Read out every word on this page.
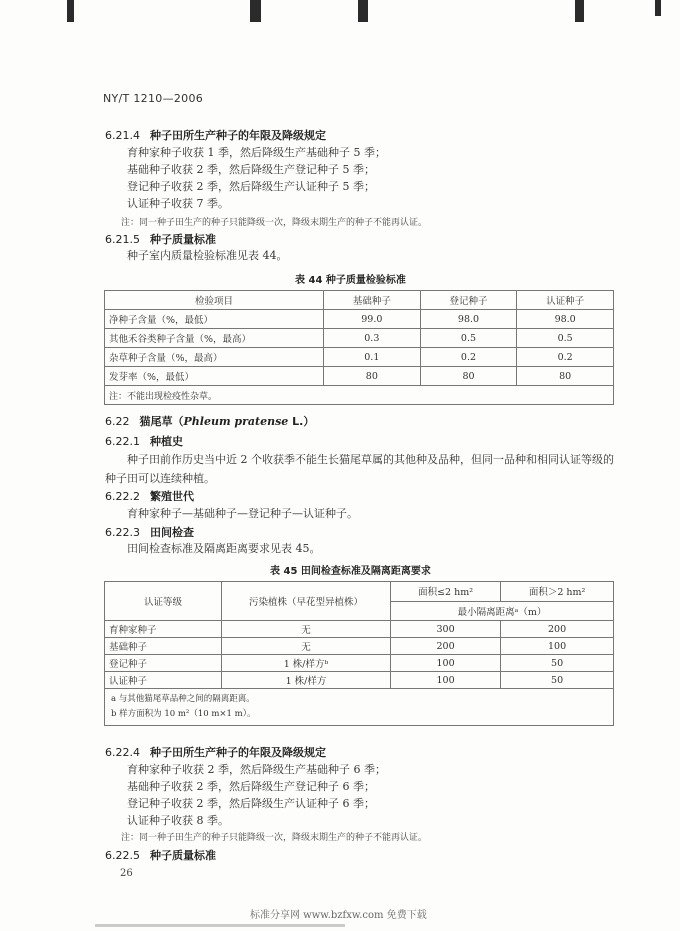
NY/T 1210—2006
6.21.4 种子田所生产种子的年限及降级规定
育种家种子收获 1 季，然后降级生产基础种子 5 季；
基础种子收获 2 季，然后降级生产登记种子 5 季；
登记种子收获 2 季，然后降级生产认证种子 5 季；
认证种子收获 7 季。
注：同一种子田生产的种子只能降级一次，降级末期生产的种子不能再认证。
6.21.5 种子质量标准
种子室内质量检验标准见表 44。
表 44 种子质量检验标准
检验项目	基础种子	登记种子	认证种子
净种子含量（%，最低）	99.0	98.0	98.0
其他禾谷类种子含量（%，最高）	0.3	0.5	0.5
杂草种子含量（%，最高）	0.1	0.2	0.2
发芽率（%，最低）	80	80	80
注：不能出现检疫性杂草。			
6.22 猫尾草（Phleum pratense L.）
6.22.1 种植史
种子田前作历史当中近 2 个收获季不能生长猫尾草属的其他种及品种，但同一品种和相同认证等级的种子田可以连续种植。
6.22.2 繁殖世代
育种家种子—基础种子—登记种子—认证种子。
6.22.3 田间检查
田间检查标准及隔离距离要求见表 45。
表 45 田间检查标准及隔离距离要求
认证等级	污染植株（早花型异植株）	面积≤2 hm²	面积＞2 hm²
		最小隔离距离ᵃ（m）	
育种家种子	无	300	200
基础种子	无	200	100
登记种子	1 株/样方ᵇ	100	50
认证种子	1 株/样方	100	50

a 与其他猫尾草品种之间的隔离距离。
b 样方面积为 10 m²（10 m×1 m）。			
6.22.4 种子田所生产种子的年限及降级规定
育种家种子收获 2 季，然后降级生产基础种子 6 季；
基础种子收获 2 季，然后降级生产登记种子 6 季；
登记种子收获 2 季，然后降级生产认证种子 6 季；
认证种子收获 8 季。
注：同一种子田生产的种子只能降级一次，降级末期生产的种子不能再认证。
6.22.5 种子质量标准
26
标准分享网 www.bzfxw.com 免费下载
